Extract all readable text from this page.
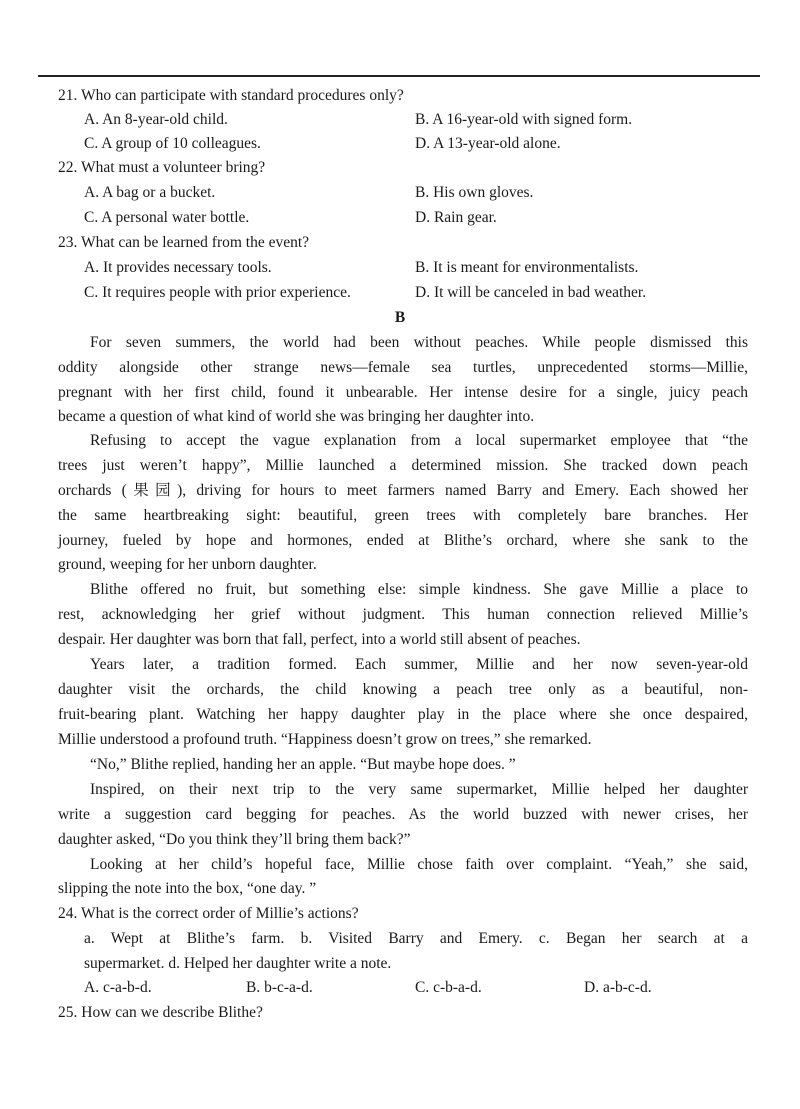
21. Who can participate with standard procedures only?
A. An 8-year-old child.	B. A 16-year-old with signed form.
C. A group of 10 colleagues.	D. A 13-year-old alone.
22. What must a volunteer bring?
A. A bag or a bucket.	B. His own gloves.
C. A personal water bottle.	D. Rain gear.
23. What can be learned from the event?
A. It provides necessary tools.	B. It is meant for environmentalists.
C. It requires people with prior experience.	D. It will be canceled in bad weather.
B
For seven summers, the world had been without peaches. While people dismissed this
oddity alongside other strange news—female sea turtles, unprecedented storms—Millie,
pregnant with her first child, found it unbearable. Her intense desire for a single, juicy peach
became a question of what kind of world she was bringing her daughter into.
Refusing to accept the vague explanation from a local supermarket employee that “the
trees just weren’t happy”, Millie launched a determined mission. She tracked down peach
orchards (果园), driving for hours to meet farmers named Barry and Emery. Each showed her
the same heartbreaking sight: beautiful, green trees with completely bare branches. Her
journey, fueled by hope and hormones, ended at Blithe’s orchard, where she sank to the
ground, weeping for her unborn daughter.
Blithe offered no fruit, but something else: simple kindness. She gave Millie a place to
rest, acknowledging her grief without judgment. This human connection relieved Millie’s
despair. Her daughter was born that fall, perfect, into a world still absent of peaches.
Years later, a tradition formed. Each summer, Millie and her now seven-year-old
daughter visit the orchards, the child knowing a peach tree only as a beautiful, non-
fruit-bearing plant. Watching her happy daughter play in the place where she once despaired,
Millie understood a profound truth. “Happiness doesn’t grow on trees,” she remarked.
“No,” Blithe replied, handing her an apple. “But maybe hope does. ”
Inspired, on their next trip to the very same supermarket, Millie helped her daughter
write a suggestion card begging for peaches. As the world buzzed with newer crises, her
daughter asked, “Do you think they’ll bring them back?”
Looking at her child’s hopeful face, Millie chose faith over complaint. “Yeah,” she said,
slipping the note into the box, “one day. ”
24. What is the correct order of Millie’s actions?
a. Wept at Blithe’s farm. b. Visited Barry and Emery. c. Began her search at a
supermarket. d. Helped her daughter write a note.
A. c-a-b-d.	B. b-c-a-d.	C. c-b-a-d.	D. a-b-c-d.
25. How can we describe Blithe?
